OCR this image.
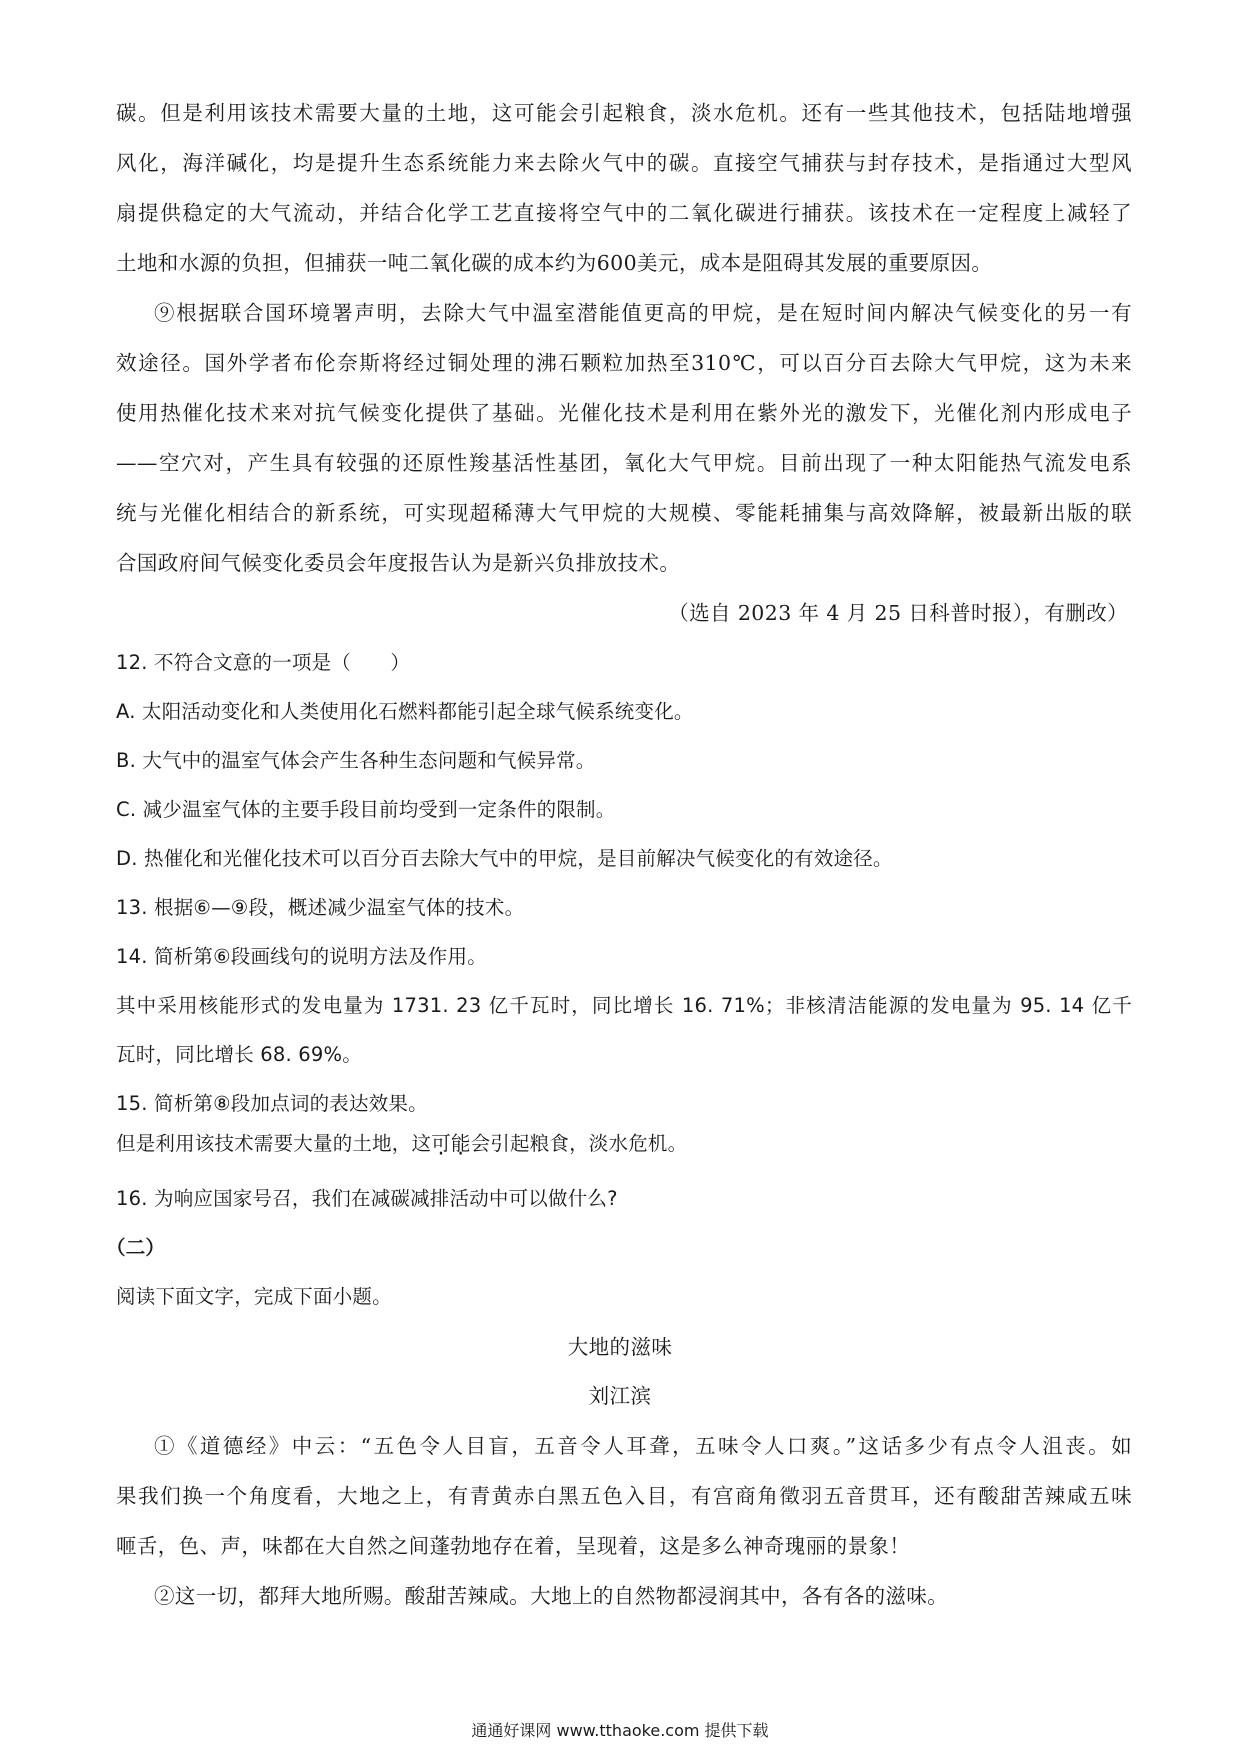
碳。但是利用该技术需要大量的土地，这可能会引起粮食，淡水危机。还有一些其他技术，包括陆地增强
风化，海洋碱化，均是提升生态系统能力来去除火气中的碳。直接空气捕获与封存技术，是指通过大型风
扇提供稳定的大气流动，并结合化学工艺直接将空气中的二氧化碳进行捕获。该技术在一定程度上减轻了
土地和水源的负担，但捕获一吨二氧化碳的成本约为600美元，成本是阻碍其发展的重要原因。
⑨根据联合国环境署声明，去除大气中温室潜能值更高的甲烷，是在短时间内解决气候变化的另一有
效途径。国外学者布伦奈斯将经过铜处理的沸石颗粒加热至310℃，可以百分百去除大气甲烷，这为未来
使用热催化技术来对抗气候变化提供了基础。光催化技术是利用在紫外光的激发下，光催化剂内形成电子
——空穴对，产生具有较强的还原性羧基活性基团，氧化大气甲烷。目前出现了一种太阳能热气流发电系
统与光催化相结合的新系统，可实现超稀薄大气甲烷的大规模、零能耗捕集与高效降解，被最新出版的联
合国政府间气候变化委员会年度报告认为是新兴负排放技术。
（选自 2023 年 4 月 25 日科普时报），有删改）
12. 不符合文意的一项是（　　）
A. 太阳活动变化和人类使用化石燃料都能引起全球气候系统变化。
B. 大气中的温室气体会产生各种生态问题和气候异常。
C. 减少温室气体的主要手段目前均受到一定条件的限制。
D. 热催化和光催化技术可以百分百去除大气中的甲烷，是目前解决气候变化的有效途径。
13. 根据⑥—⑨段，概述减少温室气体的技术。
14. 简析第⑥段画线句的说明方法及作用。
其中采用核能形式的发电量为 1731. 23 亿千瓦时，同比增长 16. 71%；非核清洁能源的发电量为 95. 14 亿千
瓦时，同比增长 68. 69%。
15. 简析第⑧段加点词的表达效果。
但是利用该技术需要大量的土地，这可能会引起粮食，淡水危机。
16. 为响应国家号召，我们在减碳减排活动中可以做什么?
（二）
阅读下面文字，完成下面小题。
大地的滋味
刘江滨
①《道德经》中云：“五色令人目盲，五音令人耳聋，五味令人口爽。”这话多少有点令人沮丧。如
果我们换一个角度看，大地之上，有青黄赤白黑五色入目，有宫商角徵羽五音贯耳，还有酸甜苦辣咸五味
咂舌，色、声，味都在大自然之间蓬勃地存在着，呈现着，这是多么神奇瑰丽的景象！
②这一切，都拜大地所赐。酸甜苦辣咸。大地上的自然物都浸润其中，各有各的滋味。
通通好课网 www.tthaoke.com 提供下载
